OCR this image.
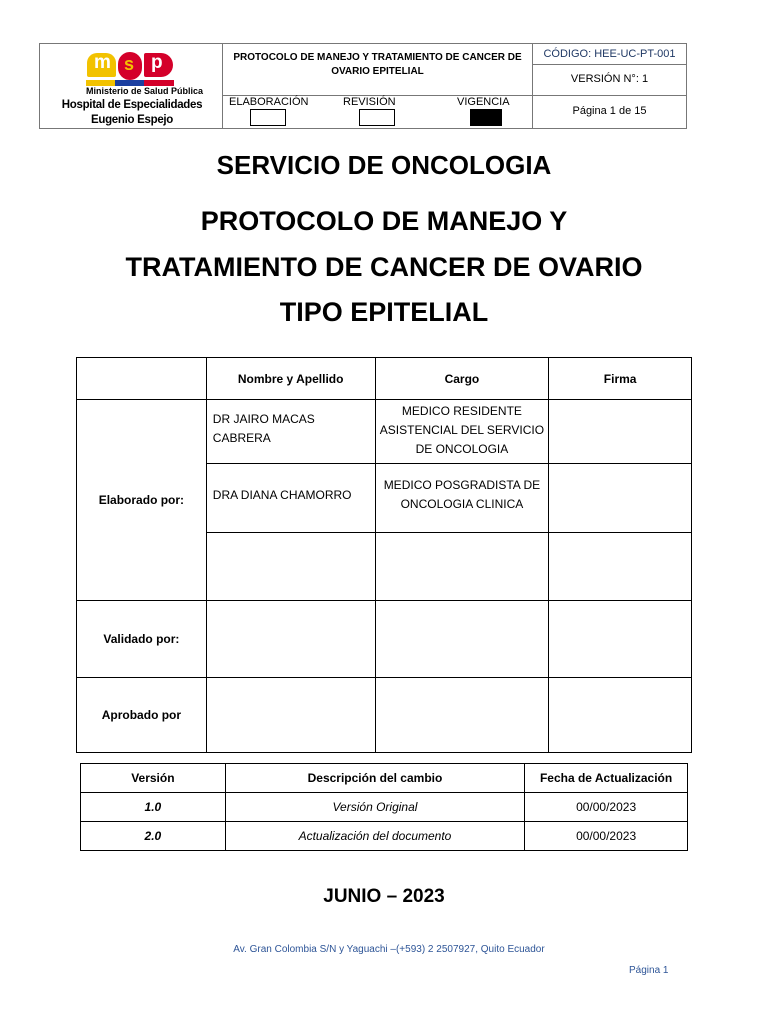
m s p
Ministerio de Salud Pública
Hospital de Especialidades Eugenio Espejo
PROTOCOLO DE MANEJO Y TRATAMIENTO DE CANCER DE OVARIO EPITELIAL
ELABORACIÓN	REVISIÓN	VIGENCIA
CÓDIGO: HEE-UC-PT-001
VERSIÓN N°: 1
Página 1 de 15
SERVICIO DE ONCOLOGIA
PROTOCOLO DE MANEJO Y
TRATAMIENTO DE CANCER DE OVARIO
TIPO EPITELIAL
	Nombre y Apellido	Cargo	Firma
Elaborado por:	DR JAIRO MACAS CABRERA	MEDICO RESIDENTE ASISTENCIAL DEL SERVICIO DE ONCOLOGIA	
	DRA DIANA CHAMORRO	MEDICO POSGRADISTA DE ONCOLOGIA CLINICA	

Validado por:			
Aprobado por			
Versión	Descripción del cambio	Fecha de Actualización
1.0	Versión Original	00/00/2023
2.0	Actualización del documento	00/00/2023
JUNIO – 2023
Av. Gran Colombia S/N y Yaguachi –(+593) 2 2507927, Quito Ecuador
Página 1
